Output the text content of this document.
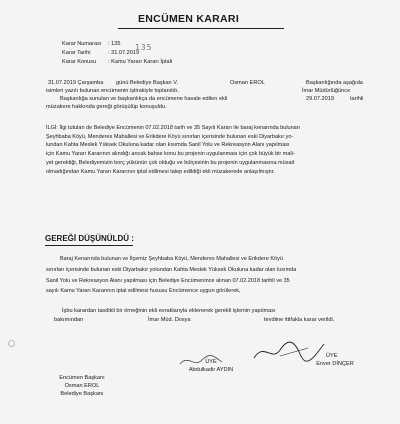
ENCÜMEN KARARI
135
Karar Numarası : 135
Karar Tarihi	: 31.07.2019
Karar Konusu : Kamu Yararı Kararı İptali
31.07.2019 Çarşamba günü Belediye Başkan V.	Osman EROL	Başkanlığında aşağıda
isimleri yazılı bulunan encümenin iştirakiyle toplanıldı.	İmar Müdürlüğünce
29.07.2019	tarihli
Başkanlığa sunulan ve başkanlıkça da encümene havale edilen ekli
müzakere hakkında gereği görüşülüp konuşuldu.
İLGİ: İlgi tutulan de Belediye Encümenin 07.02.2018 tarih ve 35 Sayılı Kararı ile baraj kenarında bulunan
Şeyhbaba Köyü, Menderes Mahallesi ve Erikdere Köyü sınırları içerisinde bulunan eski Diyarbakır yo-
lundan Kahta Meslek Yüksek Okuluna kadar olan kısımda Sanil Yolu ve Rekreasyon Alanı yapılması
için Kamu Yararı Kararının alındığı ancak bahse konu bu projenin uygulanması için çok büyük bir mali-
yet gerektiği, Belediyemizin borç yükünün çok olduğu ve bütçesinin bu projenin uygulanmasına müsait
olmadığından Kamu Yararı Kararının iptal edilmesi talep edildiği ekli müzakerede anlaşılmıştır.
GEREĞİ DÜŞÜNÜLDÜ :
Baraj Kenarında bulunan ve İlçemiz Şeyhbaba Köyü, Menderes Mahallesi ve Erikdere Köyü
sınırları içerisinde bulunan eski Diyarbakır yolundan Kahta Meslek Yüksek Okuluna kadar olan kısımda
Sanil Yolu ve Rekreasyon Alanı yapılması için Belediye Encümenince alınan 07.02.2018 tarihli ve 35
sayılı Kamu Yararı Kararının iptal edilmesi hususu Encümence uygun görülerek,
İşbu karardan tasdikli bir örneğinin ekli evraklarıyla eklenerek gerekli işlemin yapılması
bakımından	İmar Müd. Dosya	tevdiine ittifakla karar verildi.
Encümen Başkanı
Osman EROL
Belediye Başkanı
ÜYE
Abdulkadir AYDIN
ÜYE
Enver DİNÇER
